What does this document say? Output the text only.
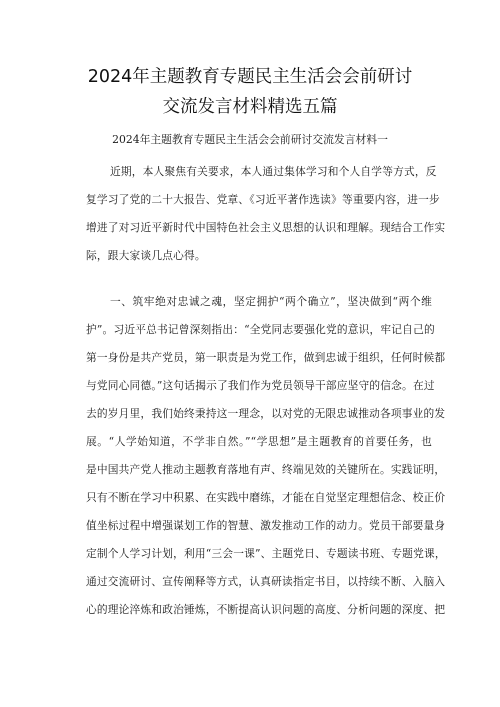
2024年主题教育专题民主生活会会前研讨
交流发言材料精选五篇
2024年主题教育专题民主生活会会前研讨交流发言材料一
近期，本人聚焦有关要求，本人通过集体学习和个人自学等方式，反
复学习了党的二十大报告、党章、《习近平著作选读》等重要内容，进一步
增进了对习近平新时代中国特色社会主义思想的认识和理解。现结合工作实
际，跟大家谈几点心得。
一、筑牢绝对忠诚之魂，坚定拥护“两个确立”，坚决做到“两个维
护”。习近平总书记曾深刻指出：“全党同志要强化党的意识，牢记自己的
第一身份是共产党员，第一职责是为党工作，做到忠诚于组织，任何时候都
与党同心同德。”这句话揭示了我们作为党员领导干部应坚守的信念。在过
去的岁月里，我们始终秉持这一理念，以对党的无限忠诚推动各项事业的发
展。“人学始知道，不学非自然。”“学思想”是主题教育的首要任务，也
是中国共产党人推动主题教育落地有声、终端见效的关键所在。实践证明，
只有不断在学习中积累、在实践中磨练，才能在自觉坚定理想信念、校正价
值坐标过程中增强谋划工作的智慧、激发推动工作的动力。党员干部要量身
定制个人学习计划，利用“三会一课”、主题党日、专题读书班、专题党课，
通过交流研讨、宣传阐释等方式，认真研读指定书目，以持续不断、入脑入
心的理论淬炼和政治锤炼，不断提高认识问题的高度、分析问题的深度、把
